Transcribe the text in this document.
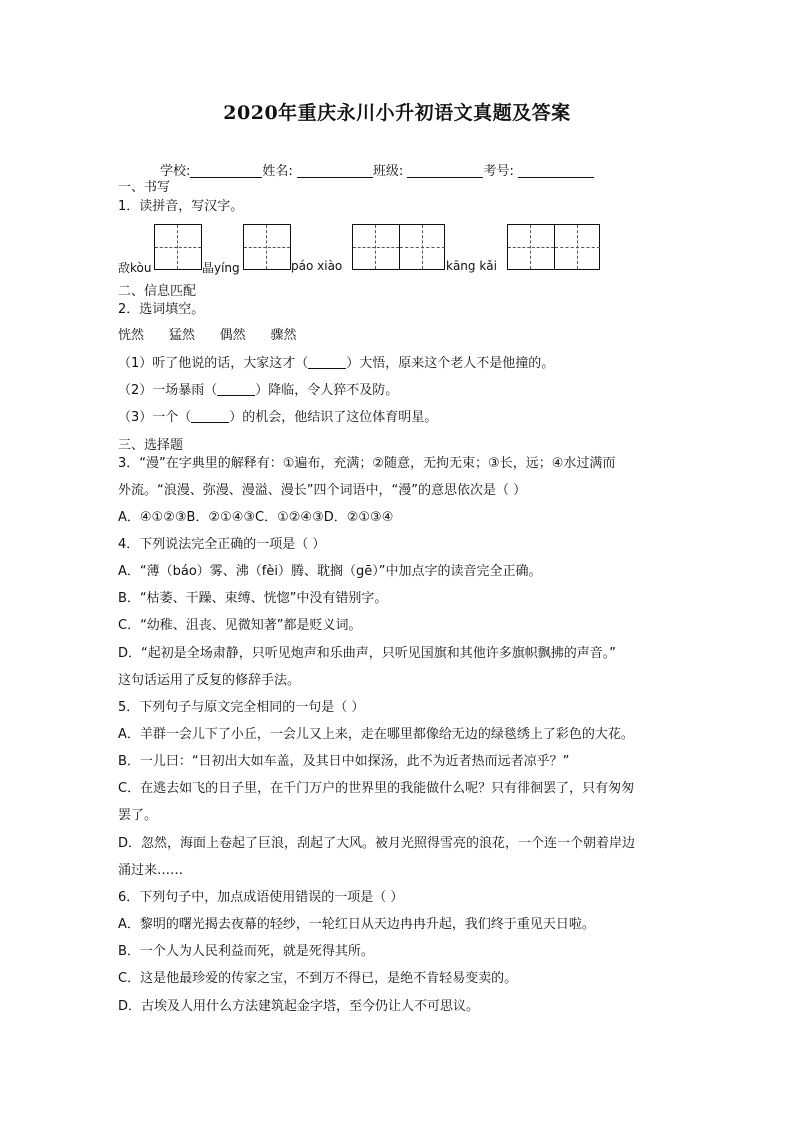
2020年重庆永川小升初语文真题及答案
学校:	姓名:	班级:	考号:
一、书写
1．读拼音，写汉字。
敌kòu	晶yíng	páo xiào	kāng kǎi
二、信息匹配
2．选词填空。
恍然 猛然 偶然 骤然
（1）听了他说的话，大家这才（	）大悟，原来这个老人不是他撞的。
（2）一场暴雨（	）降临，令人猝不及防。
（3）一个（	）的机会，他结识了这位体育明星。
三、选择题
3．“漫”在字典里的解释有：①遍布，充满；②随意，无拘无束；③长，远；④水过满而
外流。“浪漫、弥漫、漫溢、漫长”四个词语中，“漫”的意思依次是（ ）
A．④①②③B．②①④③C．①②④③D．②①③④
4．下列说法完全正确的一项是（ ）
A．“薄（báo）雾、沸（fèi）腾、耽搁（gē）”中加点字的读音完全正确。
B．“枯萎、干躁、束缚、恍惚”中没有错别字。
C．“幼稚、沮丧、见微知著”都是贬义词。
D．“起初是全场肃静，只听见炮声和乐曲声，只听见国旗和其他许多旗帜飘拂的声音。”
这句话运用了反复的修辞手法。
5．下列句子与原文完全相同的一句是（ ）
A．羊群一会儿下了小丘，一会儿又上来，走在哪里都像给无边的绿毯绣上了彩色的大花。
B．一儿曰：“日初出大如车盖，及其日中如探汤，此不为近者热而远者凉乎？”
C．在逃去如飞的日子里，在千门万户的世界里的我能做什么呢？只有徘徊罢了，只有匆匆
罢了。
D．忽然，海面上卷起了巨浪，刮起了大风。被月光照得雪亮的浪花，一个连一个朝着岸边
涌过来……
6．下列句子中，加点成语使用错误的一项是（ ）
A．黎明的曙光揭去夜幕的轻纱，一轮红日从天边冉冉升起，我们终于重见天日啦。
B．一个人为人民利益而死，就是死得其所。
C．这是他最珍爱的传家之宝，不到万不得已，是绝不肯轻易变卖的。
D．古埃及人用什么方法建筑起金字塔，至今仍让人不可思议。
